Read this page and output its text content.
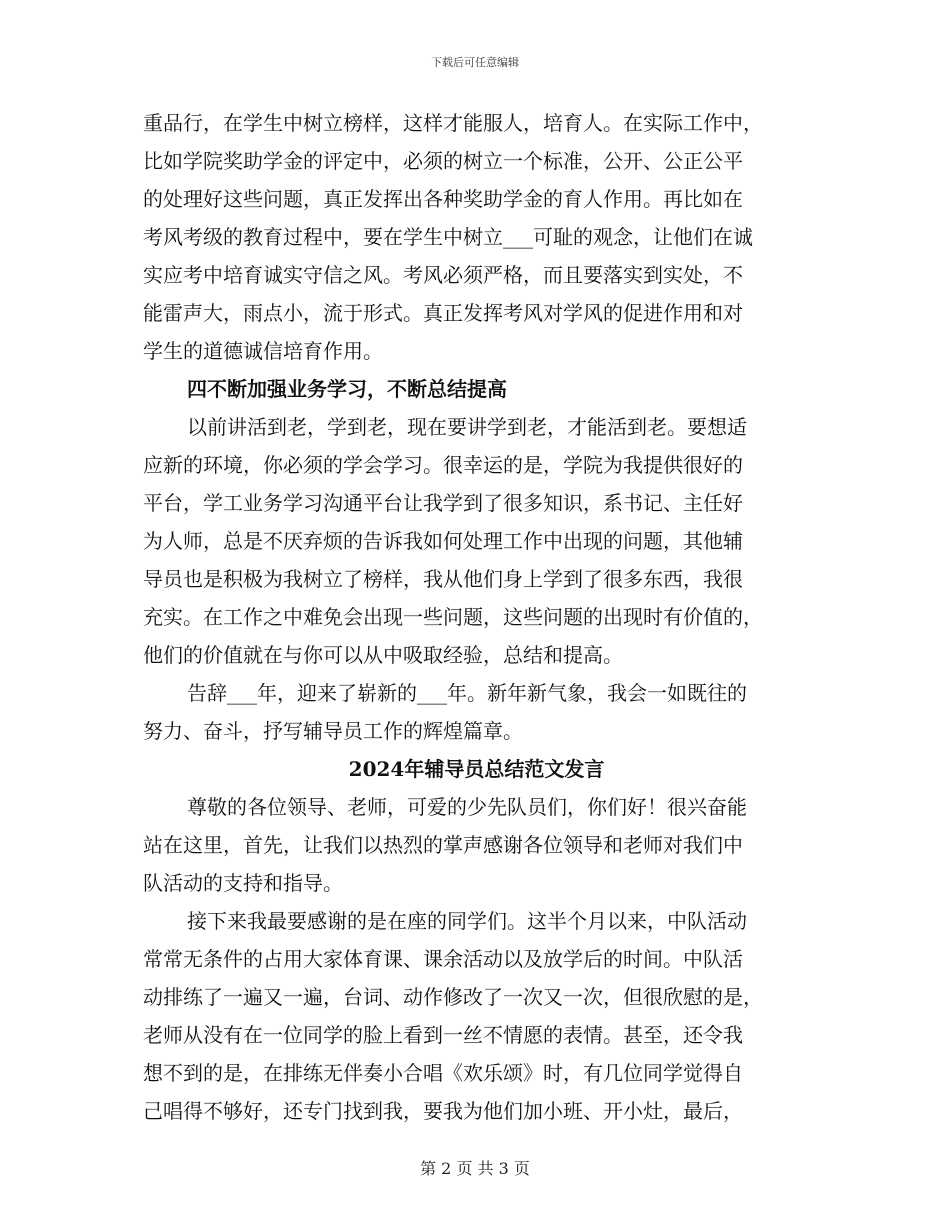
下载后可任意编辑
重品行，在学生中树立榜样，这样才能服人，培育人。在实际工作中，
比如学院奖助学金的评定中，必须的树立一个标准，公开、公正公平
的处理好这些问题，真正发挥出各种奖助学金的育人作用。再比如在
考风考级的教育过程中，要在学生中树立___可耻的观念，让他们在诚
实应考中培育诚实守信之风。考风必须严格，而且要落实到实处，不
能雷声大，雨点小，流于形式。真正发挥考风对学风的促进作用和对
学生的道德诚信培育作用。
四不断加强业务学习，不断总结提高
以前讲活到老，学到老，现在要讲学到老，才能活到老。要想适
应新的环境，你必须的学会学习。很幸运的是，学院为我提供很好的
平台，学工业务学习沟通平台让我学到了很多知识，系书记、主任好
为人师，总是不厌弃烦的告诉我如何处理工作中出现的问题，其他辅
导员也是积极为我树立了榜样，我从他们身上学到了很多东西，我很
充实。在工作之中难免会出现一些问题，这些问题的出现时有价值的，
他们的价值就在与你可以从中吸取经验，总结和提高。
告辞___年，迎来了崭新的___年。新年新气象，我会一如既往的
努力、奋斗，抒写辅导员工作的辉煌篇章。
2024年辅导员总结范文发言
尊敬的各位领导、老师，可爱的少先队员们，你们好！很兴奋能
站在这里，首先，让我们以热烈的掌声感谢各位领导和老师对我们中
队活动的支持和指导。
接下来我最要感谢的是在座的同学们。这半个月以来，中队活动
常常无条件的占用大家体育课、课余活动以及放学后的时间。中队活
动排练了一遍又一遍，台词、动作修改了一次又一次，但很欣慰的是，
老师从没有在一位同学的脸上看到一丝不情愿的表情。甚至，还令我
想不到的是，在排练无伴奏小合唱《欢乐颂》时，有几位同学觉得自
己唱得不够好，还专门找到我，要我为他们加小班、开小灶，最后，
第 2 页 共 3 页
